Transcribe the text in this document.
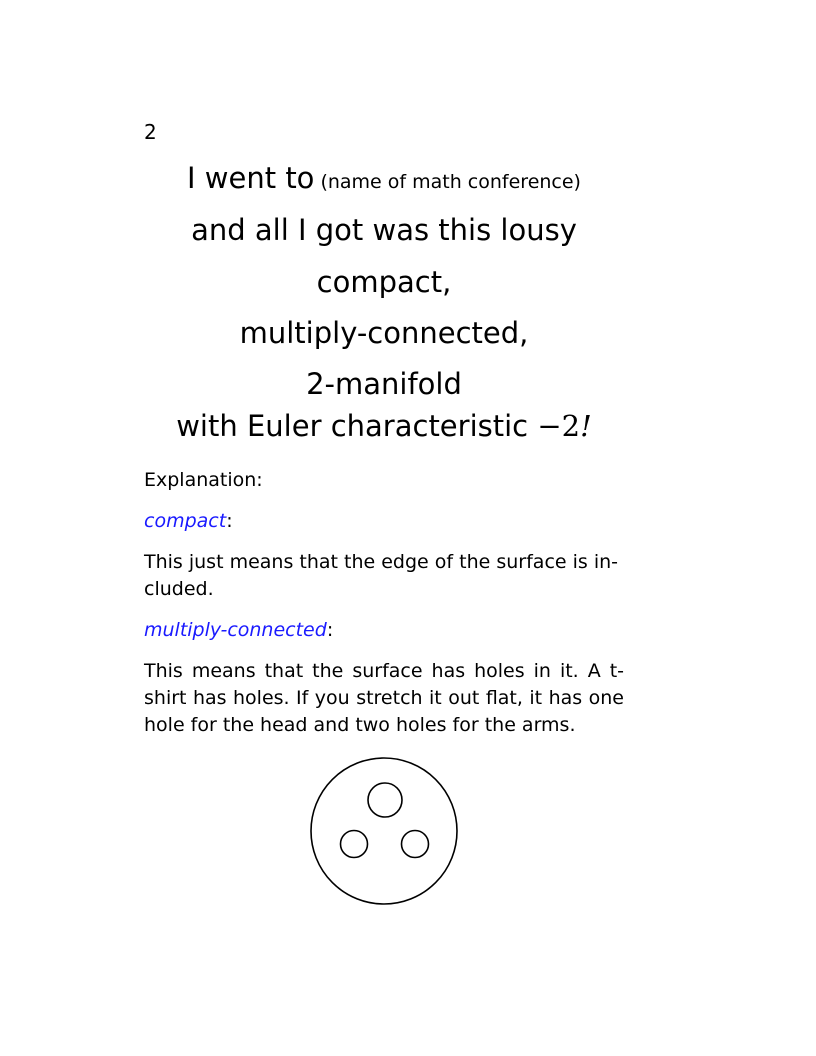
2
I went to (name of math conference)
and all I got was this lousy
compact,
multiply-connected,
2-manifold
with Euler characteristic −2!
Explanation:
compact:
This just means that the edge of the surface is in-
cluded.
multiply-connected:
This means that the surface has holes in it. A t-shirt has holes. If you stretch it out flat, it has one hole for the head and two holes for the arms.
